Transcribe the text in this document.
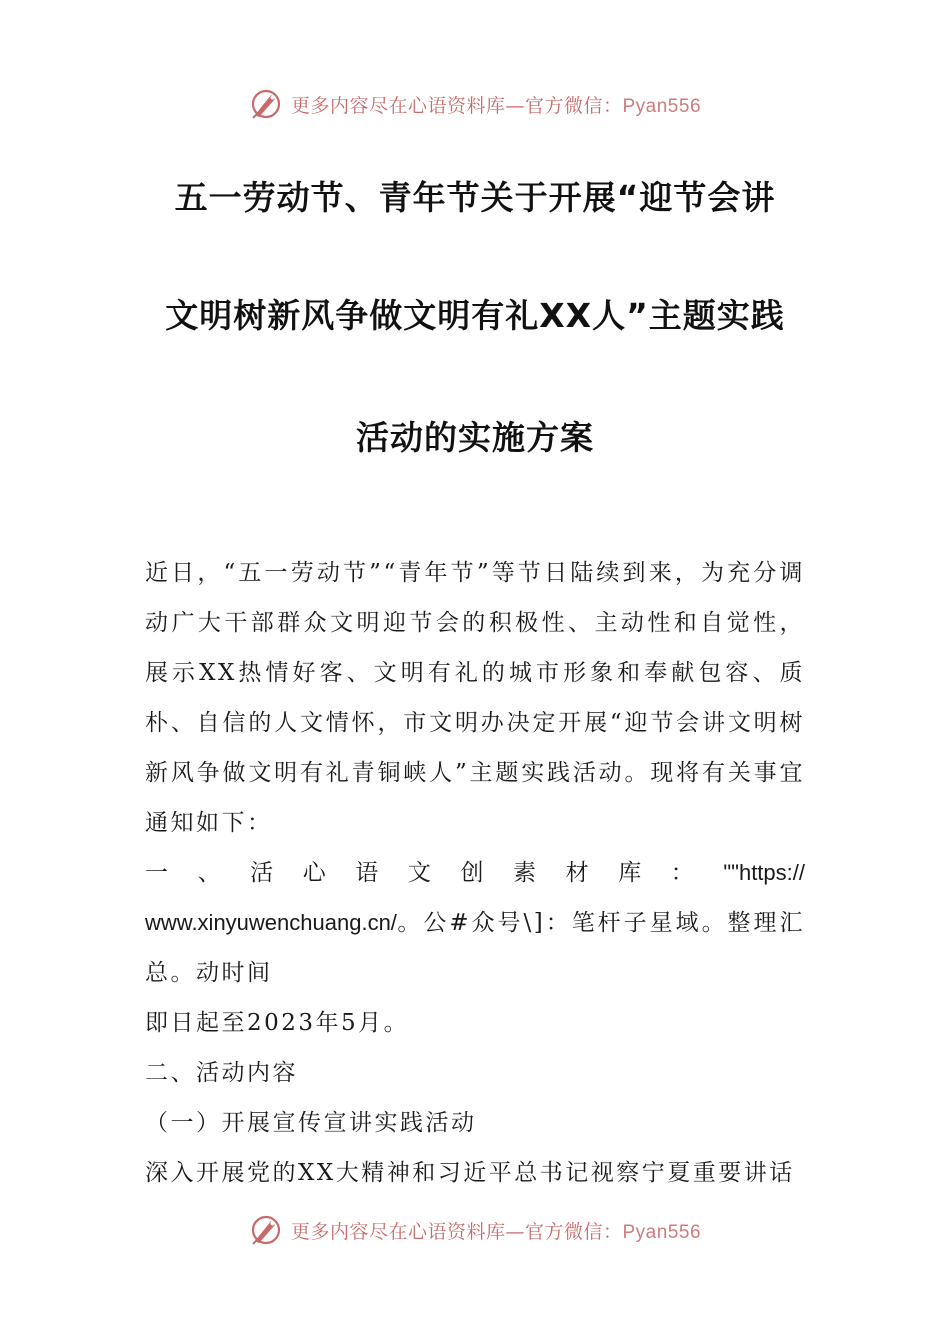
更多内容尽在心语资料库—官方微信：Pyan556
五一劳动节、青年节关于开展“迎节会讲
文明树新风争做文明有礼XX人”主题实践
活动的实施方案

近日，“五一劳动节”“青年节”等节日陆续到来，为充分调动广大干部群众文明迎节会的积极性、主动性和自觉性，展示XX热情好客、文明有礼的城市形象和奉献包容、质朴、自信的人文情怀，市文明办决定开展“迎节会讲文明树新风争做文明有礼青铜峡人”主题实践活动。现将有关事宜通知如下：

一、活心语文创素材库：""https://

www.xinyuwenchuang.cn/。公#众号\]：笔杆子星域。整理汇总。动时间

即日起至2023年5月。

二、活动内容

（一）开展宣传宣讲实践活动

深入开展党的XX大精神和习近平总书记视察宁夏重要讲话

更多内容尽在心语资料库—官方微信：Pyan556
